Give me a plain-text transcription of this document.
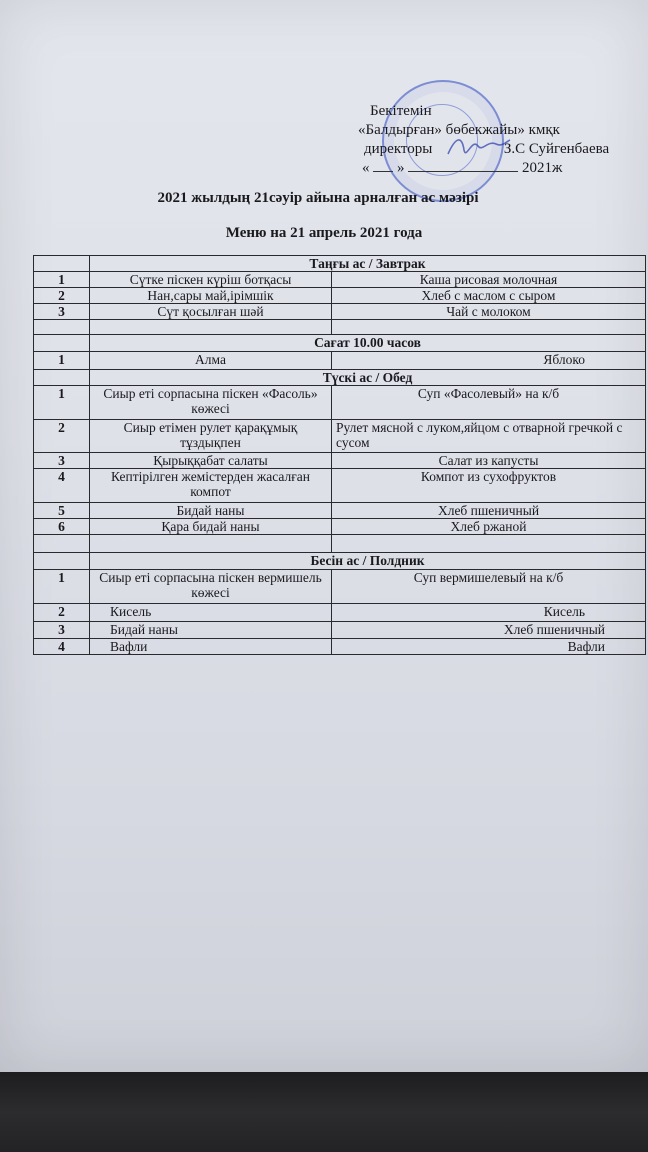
Бекітемін
«Балдырған» бөбекжайы» кмқк
директоры	З.С Суйгенбаева
« »	2021ж
2021 жылдың 21сәуір айына арналған ас мәзірі
Меню на 21 апрель 2021 года
	Таңғы ас / Завтрак	
1	Сүтке піскен күріш ботқасы	Каша рисовая молочная
2	Нан,сары май,ірімшік	Хлеб с маслом с сыром
3	Сүт қосылған шәй	Чай с молоком

	Сағат 10.00 часов	
1	Алма	Яблоко
	Түскі ас / Обед	
1	Сиыр еті сорпасына піскен «Фасоль» көжесі	Суп «Фасолевый» на к/б
2	Сиыр етімен рулет қарақұмық тұздықпен	Рулет мясной с луком,яйцом с отварной гречкой с сусом
3	Қырыққабат салаты	Салат из капусты
4	Кептірілген жемістерден жасалған компот	Компот из сухофруктов
5	Бидай наны	Хлеб пшеничный
6	Қара бидай наны	Хлеб ржаной

	Бесін ас / Полдник	
1	Сиыр еті сорпасына піскен вермишель көжесі	Суп вермишелевый на к/б
2	Кисель	Кисель
3	Бидай наны	Хлеб пшеничный
4	Вафли	Вафли
